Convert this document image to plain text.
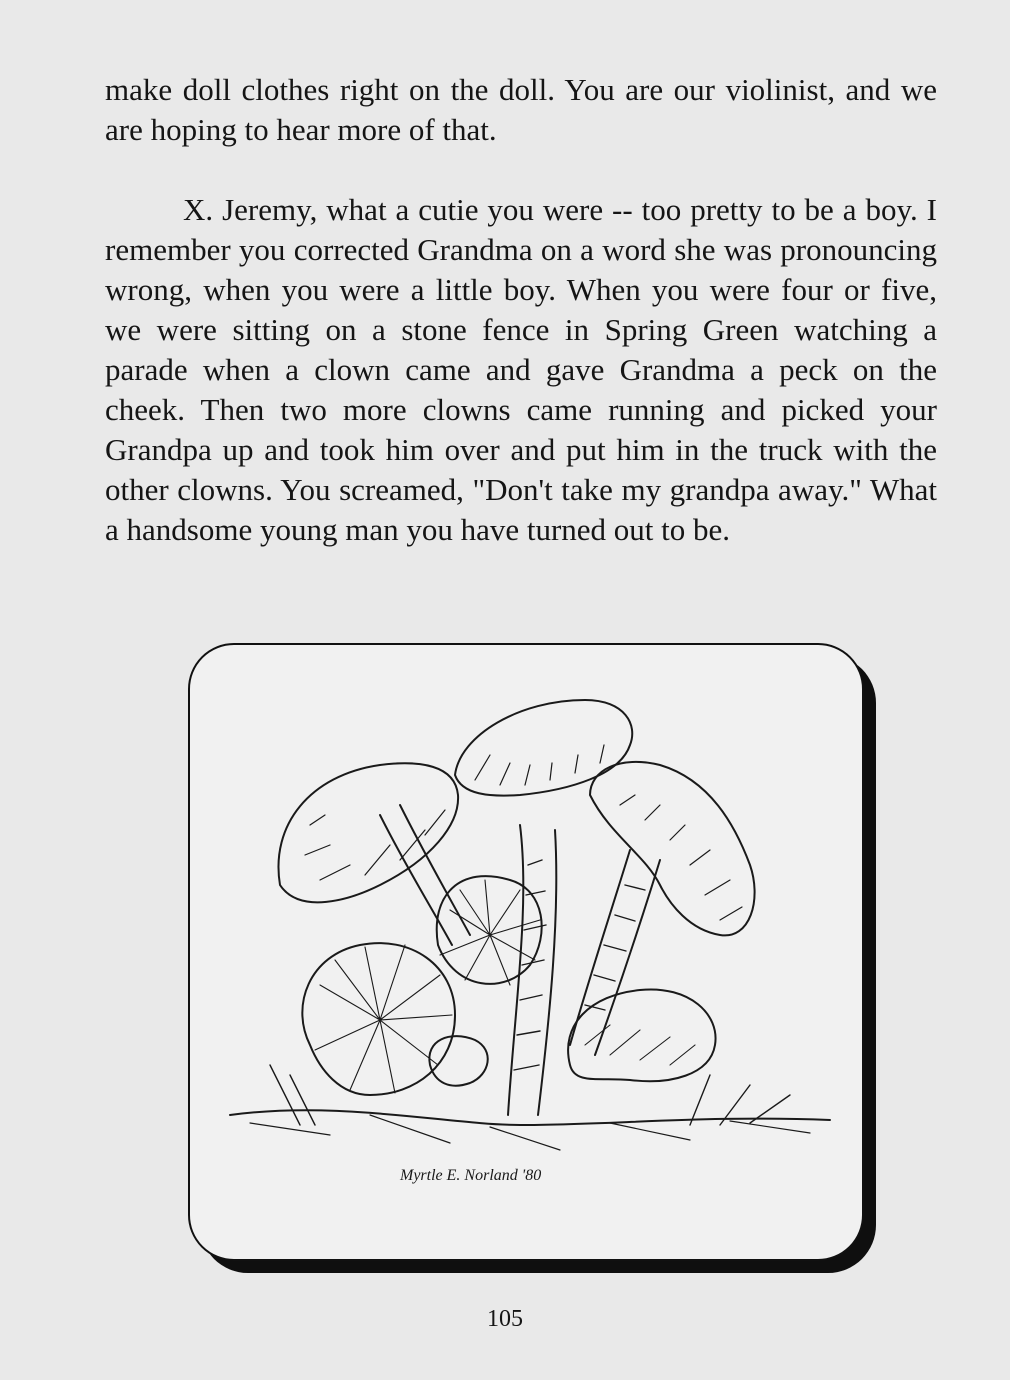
make doll clothes right on the doll. You are our violinist, and we are hoping to hear more of that.

X. Jeremy, what a cutie you were -- too pretty to be a boy. I remember you corrected Grandma on a word she was pronouncing wrong, when you were a little boy. When you were four or five, we were sitting on a stone fence in Spring Green watching a parade when a clown came and gave Grandma a peck on the cheek. Then two more clowns came running and picked your Grandpa up and took him over and put him in the truck with the other clowns. You screamed, "Don't take my grandpa away." What a handsome young man you have turned out to be.

Myrtle E. Norland '80
105
